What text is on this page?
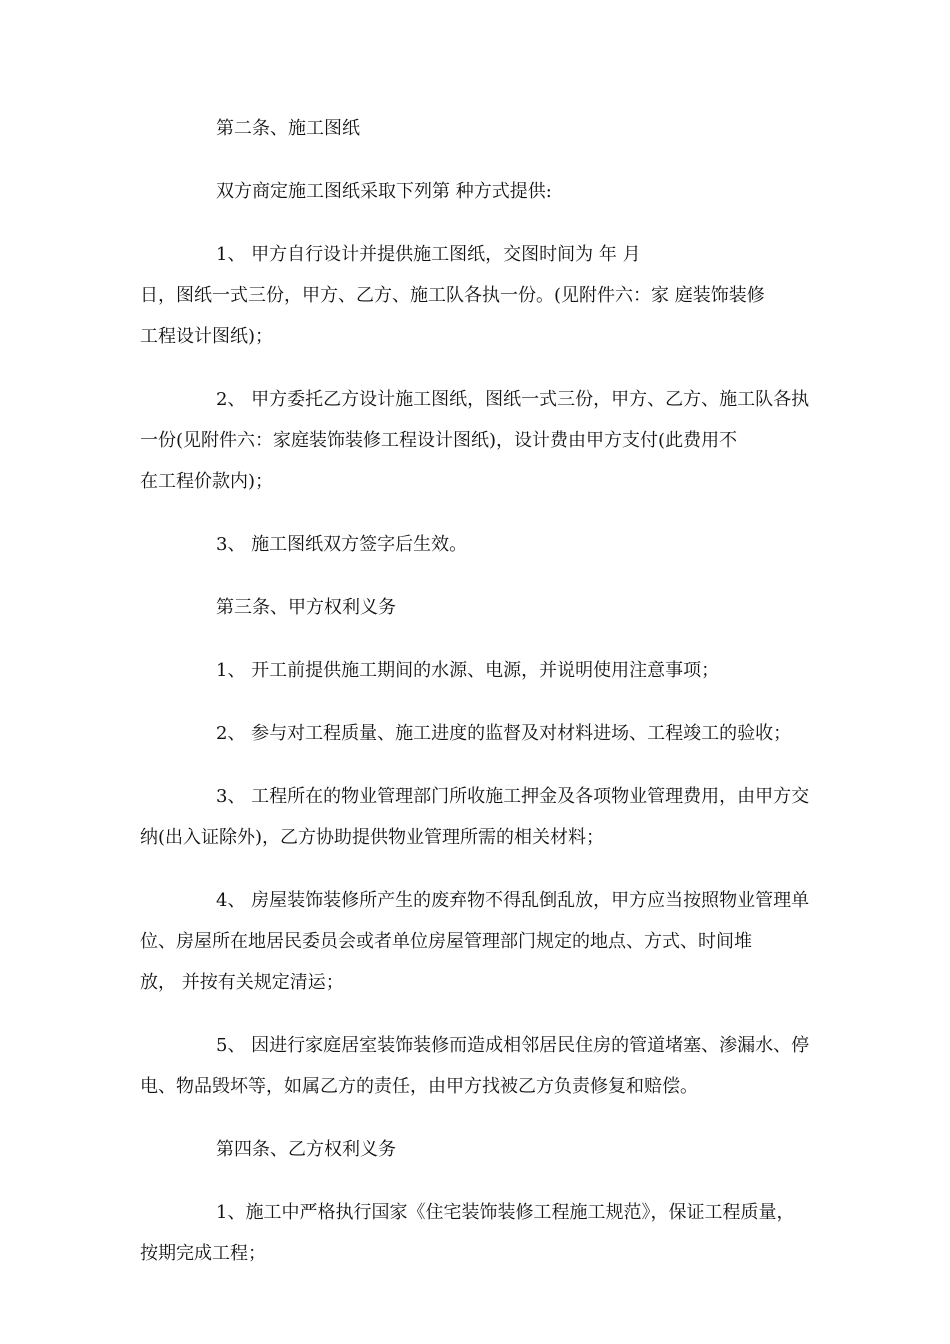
第二条、施工图纸

双方商定施工图纸采取下列第 种方式提供:

1、 甲方自行设计并提供施工图纸，交图时间为 年 月
日，图纸一式三份，甲方、乙方、施工队各执一份。(见附件六：家 庭装饰装修
工程设计图纸)；

2、 甲方委托乙方设计施工图纸，图纸一式三份，甲方、乙方、施工队各执
一份(见附件六：家庭装饰装修工程设计图纸)，设计费由甲方支付(此费用不
在工程价款内)；

3、 施工图纸双方签字后生效。

第三条、甲方权利义务

1、 开工前提供施工期间的水源、电源，并说明使用注意事项；

2、 参与对工程质量、施工进度的监督及对材料进场、工程竣工的验收；

3、 工程所在的物业管理部门所收施工押金及各项物业管理费用，由甲方交
纳(出入证除外)，乙方协助提供物业管理所需的相关材料；

4、 房屋装饰装修所产生的废弃物不得乱倒乱放，甲方应当按照物业管理单
位、房屋所在地居民委员会或者单位房屋管理部门规定的地点、方式、时间堆
放， 并按有关规定清运；

5、 因进行家庭居室装饰装修而造成相邻居民住房的管道堵塞、渗漏水、停
电、物品毁坏等，如属乙方的责任，由甲方找被乙方负责修复和赔偿。

第四条、乙方权利义务

1、施工中严格执行国家《住宅装饰装修工程施工规范》，保证工程质量，
按期完成工程；
